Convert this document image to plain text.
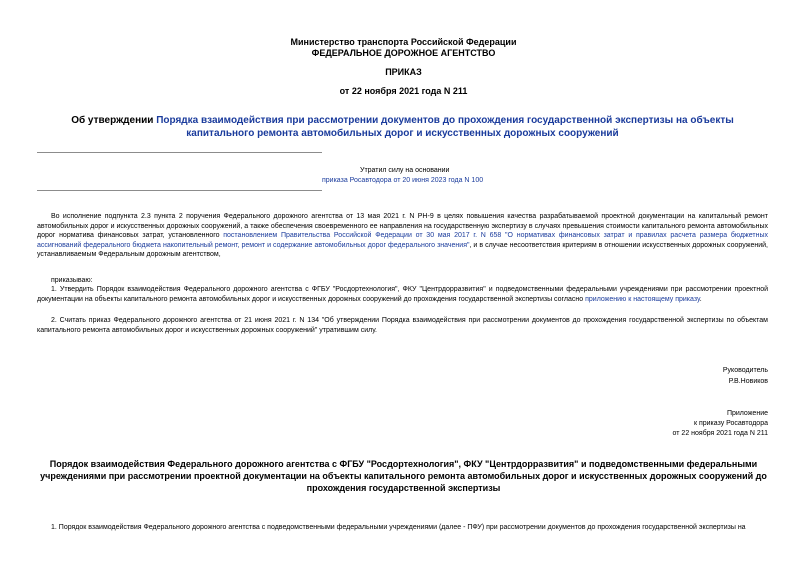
Министерство транспорта Российской Федерации
ФЕДЕРАЛЬНОЕ ДОРОЖНОЕ АГЕНТСТВО
ПРИКАЗ
от 22 ноября 2021 года N 211
Об утверждении Порядка взаимодействия при рассмотрении документов до прохождения государственной экспертизы на объекты капитального ремонта автомобильных дорог и искусственных дорожных сооружений
Утратил силу на основании
приказа Росавтодора от 20 июня 2023 года N 100
Во исполнение подпункта 2.3 пункта 2 поручения Федерального дорожного агентства от 13 мая 2021 г. N РН-9 в целях повышения качества разрабатываемой проектной документации на капитальный ремонт автомобильных дорог и искусственных дорожных сооружений, а также обеспечения своевременного ее направления на государственную экспертизу в случаях превышения стоимости капитального ремонта автомобильных дорог норматива финансовых затрат, установленного постановлением Правительства Российской Федерации от 30 мая 2017 г. N 658 "О нормативах финансовых затрат и правилах расчета размера бюджетных ассигнований федерального бюджета накопительный ремонт, ремонт и содержание автомобильных дорог федерального значения", и в случае несоответствия критериям в отношении искусственных дорожных сооружений, устанавливаемым Федеральным дорожным агентством,
приказываю:
1. Утвердить Порядок взаимодействия Федерального дорожного агентства с ФГБУ "Росдортехнология", ФКУ "Центрдорразвития" и подведомственными федеральными учреждениями при рассмотрении проектной документации на объекты капитального ремонта автомобильных дорог и искусственных дорожных сооружений до прохождения государственной экспертизы согласно приложению к настоящему приказу.
2. Считать приказ Федерального дорожного агентства от 21 июня 2021 г. N 134 "Об утверждении Порядка взаимодействия при рассмотрении документов до прохождения государственной экспертизы по объектам капитального ремонта автомобильных дорог и искусственных дорожных сооружений" утратившим силу.
Руководитель
Р.В.Новиков
Приложение
к приказу Росавтодора
от 22 ноября 2021 года N 211
Порядок взаимодействия Федерального дорожного агентства с ФГБУ "Росдортехнология", ФКУ "Центрдорразвития" и подведомственными федеральными учреждениями при рассмотрении проектной документации на объекты капитального ремонта автомобильных дорог и искусственных дорожных сооружений до прохождения государственной экспертизы
1. Порядок взаимодействия Федерального дорожного агентства с подведомственными федеральными учреждениями (далее - ПФУ) при рассмотрении документов до прохождения государственной экспертизы на
